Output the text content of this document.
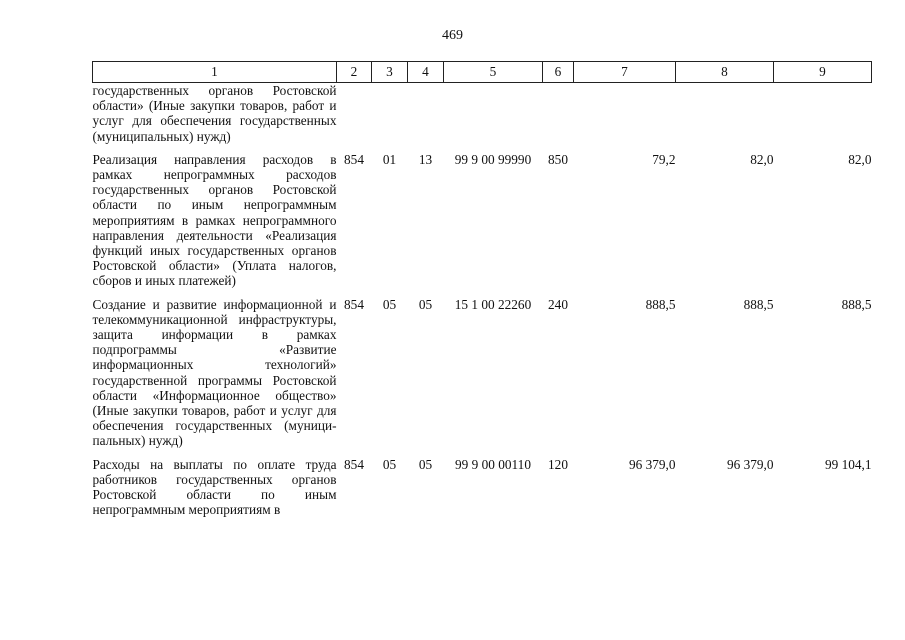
469
1	2	3	4	5	6	7	8	9
государственных органов Ростовской области» (Иные закупки товаров, работ и услуг для обеспечения государственных (муниципальных) нужд)								
Реализация направления расходов в рамках непрограммных расходов государственных органов Ростовской области по иным непрограммным мероприятиям в рамках непрограммного направления деятельности «Реализация функций иных государственных органов Ростовской области» (Уплата налогов, сборов и иных платежей)	854	01	13	99 9 00 99990	850	79,2	82,0	82,0
Создание и развитие информационной и телекоммуникационной инфраструктуры, защита информации в рамках подпрограммы «Развитие информационных технологий» государственной программы Ростовской области «Информационное общество» (Иные закупки товаров, работ и услуг для обеспечения государственных (муниципальных) нужд)	854	05	05	15 1 00 22260	240	888,5	888,5	888,5
Расходы на выплаты по оплате труда работников государственных органов Ростовской области по иным непрограммным мероприятиям в	854	05	05	99 9 00 00110	120	96 379,0	96 379,0	99 104,1
